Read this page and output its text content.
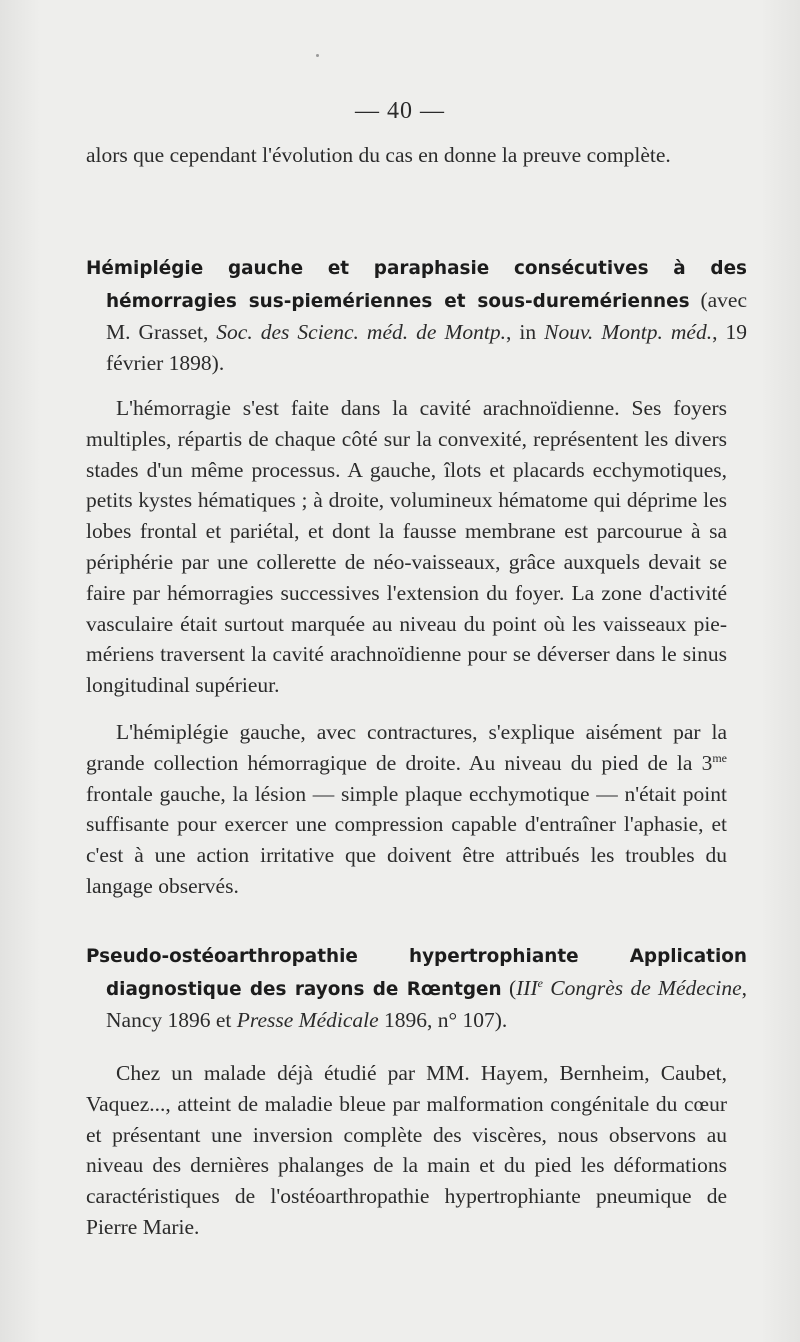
— 40 —
alors que cependant l'évolution du cas en donne la preuve complète.
Hémiplégie gauche et paraphasie consécutives à des hémorragies sus-piemériennes et sous-duremériennes (avec M. Grasset, Soc. des Scienc. méd. de Montp., in Nouv. Montp. méd., 19 février 1898).
L'hémorragie s'est faite dans la cavité arachnoïdienne. Ses foyers multiples, répartis de chaque côté sur la convexité, représentent les divers stades d'un même processus. A gauche, îlots et placards ecchymotiques, petits kystes hématiques ; à droite, volumineux hématome qui déprime les lobes frontal et pariétal, et dont la fausse membrane est parcourue à sa périphérie par une collerette de néo-vaisseaux, grâce auxquels devait se faire par hémorragies successives l'extension du foyer. La zone d'activité vasculaire était surtout marquée au niveau du point où les vaisseaux pie-mériens traversent la cavité arachnoïdienne pour se déverser dans le sinus longitudinal supérieur.
L'hémiplégie gauche, avec contractures, s'explique aisément par la grande collection hémorragique de droite. Au niveau du pied de la $3^{me}$ frontale gauche, la lésion — simple plaque ecchymotique — n'était point suffisante pour exercer une compression capable d'entraîner l'aphasie, et c'est à une action irritative que doivent être attribués les troubles du langage observés.
Pseudo-ostéoarthropathie hypertrophiante Application diagnostique des rayons de Rœntgen (IIIe Congrès de Médecine, Nancy 1896 et Presse Médicale 1896, n° 107).
Chez un malade déjà étudié par MM. Hayem, Bernheim, Caubet, Vaquez..., atteint de maladie bleue par malformation congénitale du cœur et présentant une inversion complète des viscères, nous observons au niveau des dernières phalanges de la main et du pied les déformations caractéristiques de l'ostéoarthropathie hypertrophiante pneumique de Pierre Marie.
